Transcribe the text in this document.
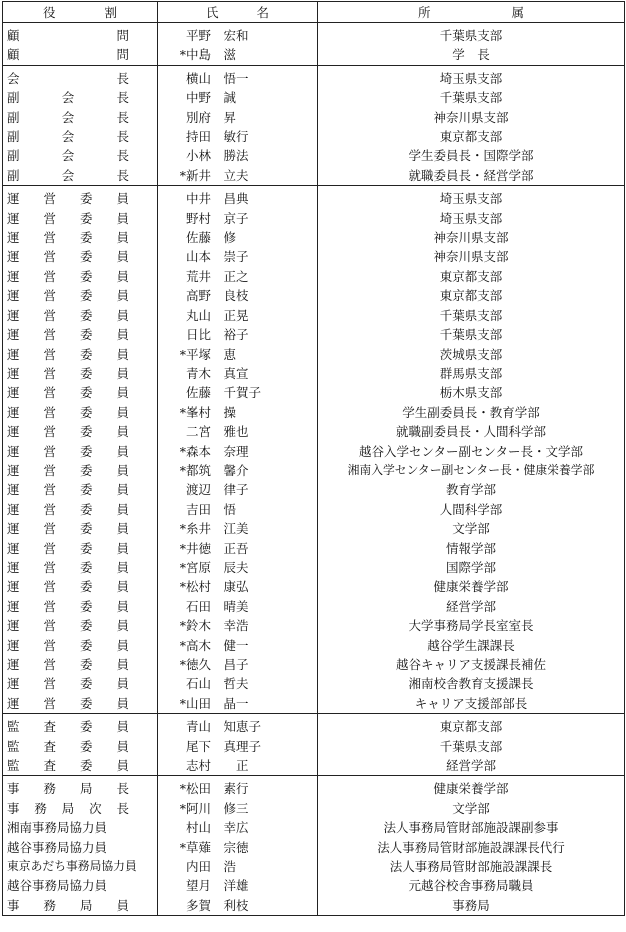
役 割	氏 名	所 属

顧 問	平野　宏和	千葉県支部

顧 問	*中島　滋	学　長

会 長	横山　悟一	埼玉県支部

副 会 長	中野　誠	千葉県支部

副 会 長	別府　昇	神奈川県支部

副 会 長	持田　敏行	東京都支部

副 会 長	小林　勝法	学生委員長・国際学部

副 会 長	*新井　立夫	就職委員長・経営学部

運 営 委 員	中井　昌典	埼玉県支部

運 営 委 員	野村　京子	埼玉県支部

運 営 委 員	佐藤　修	神奈川県支部

運 営 委 員	山本　崇子	神奈川県支部

運 営 委 員	荒井　正之	東京都支部

運 営 委 員	高野　良枝	東京都支部

運 営 委 員	丸山　正晃	千葉県支部

運 営 委 員	日比　裕子	千葉県支部

運 営 委 員	*平塚　恵	茨城県支部

運 営 委 員	青木　真宣	群馬県支部

運 営 委 員	佐藤　千賀子	栃木県支部

運 営 委 員	*峯村　操	学生副委員長・教育学部

運 営 委 員	二宮　雅也	就職副委員長・人間科学部

運 営 委 員	*森本　奈理	越谷入学センター副センター長・文学部

運 営 委 員	*都筑　馨介	湘南入学センター副センター長・健康栄養学部

運 営 委 員	渡辺　律子	教育学部

運 営 委 員	吉田　悟	人間科学部

運 営 委 員	*糸井　江美	文学部

運 営 委 員	*井徳　正吾	情報学部

運 営 委 員	*宮原　辰夫	国際学部

運 営 委 員	*松村　康弘	健康栄養学部

運 営 委 員	石田　晴美	経営学部

運 営 委 員	*鈴木　幸浩	大学事務局学長室室長

運 営 委 員	*高木　健一	越谷学生課課長

運 営 委 員	*徳久　昌子	越谷キャリア支援課長補佐

運 営 委 員	石山　哲夫	湘南校舎教育支援課長

運 営 委 員	*山田　晶一	キャリア支援部部長

監 査 委 員	青山　知恵子	東京都支部

監 査 委 員	尾下　真理子	千葉県支部

監 査 委 員	志村　　正	経営学部

事 務 局 長	*松田　素行	健康栄養学部

事 務 局 次 長	*阿川　修三	文学部

湘南事務局協力員	村山　幸広	法人事務局管財部施設課副参事

越谷事務局協力員	*草薙　宗徳	法人事務局管財部施設課課長代行

東京あだち事務局協力員	内田　浩	法人事務局管財部施設課課長

越谷事務局協力員	望月　洋雄	元越谷校舎事務局職員

事 務 局 員	多賀　利枝	事務局
